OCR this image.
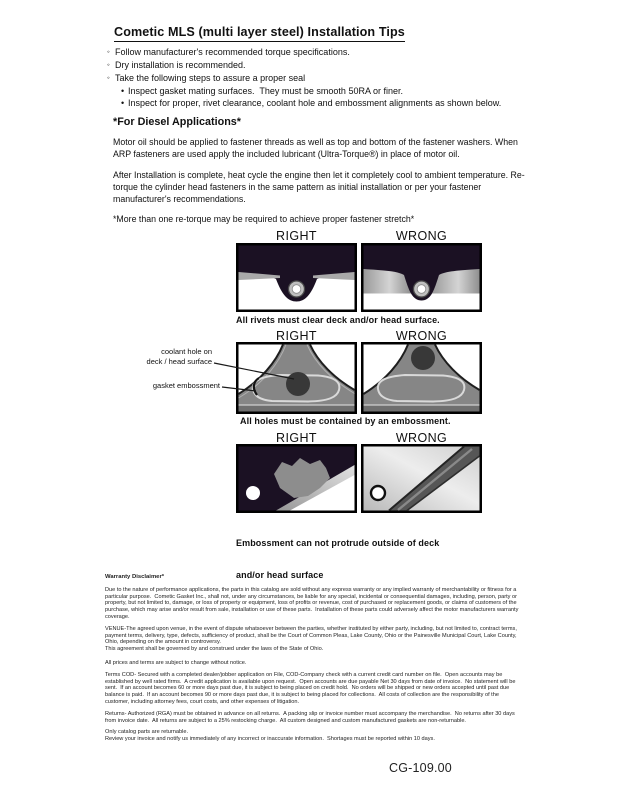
Cometic MLS (multi layer steel) Installation Tips
◦ Follow manufacturer's recommended torque specifications.
◦ Dry installation is recommended.
◦ Take the following steps to assure a proper seal
• Inspect gasket mating surfaces.  They must be smooth 50RA or finer.
• Inspect for proper, rivet clearance, coolant hole and embossment alignments as shown below.
*For Diesel Applications*

Motor oil should be applied to fastener threads as well as top and bottom of the fastener washers. When ARP fasteners are used apply the included lubricant (Ultra-Torque®) in place of motor oil.

After Installation is complete, heat cycle the engine then let it completely cool to ambient temperature. Re-torque the cylinder head fasteners in the same pattern as initial installation or per your fastener manufacturer's recommendations.

*More than one re-torque may be required to achieve proper fastener stretch*

RIGHT	WRONG
All rivets must clear deck and/or head surface.
RIGHT	WRONG
coolant hole on
deck / head surface
gasket embossment
All holes must be contained by an embossment.
RIGHT	WRONG

Embossment can not protrude outside of deck

and/or head surface

Warranty Disclaimer*

Due to the nature of performance applications, the parts in this catalog are sold without any express warranty or any implied warranty of merchantability or fitness for a particular purpose.  Cometic Gasket Inc., shall not, under any circumstances, be liable for any special, incidental or consequential damages, including, person, party or property, but not limited to, damage, or loss of property or equipment, loss of profits or revenue, cost of purchased or replacement goods, or claims of customers of the purchase, which may arise and/or result from sale, installation or use of these parts.  Installation of these parts could adversely affect the motor manufacturers warranty coverage.

VENUE-The agreed upon venue, in the event of dispute whatsoever between the parties, whether instituted by either party, including, but not limited to, contract terms, payment terms, delivery, type, defects, sufficiency of product, shall be the Court of Common Pleas, Lake County, Ohio or the Painesville Municipal Court, Lake County, Ohio, depending on the amount in controversy.
This agreement shall be governed by and construed under the laws of the State of Ohio.

All prices and terms are subject to change without notice.

Terms COD- Secured with a completed dealer/jobber application on File, COD-Company check with a current credit card number on file.  Open accounts may be established by well rated firms.  A credit application is available upon request.  Open accounts are due payable Net 30 days from date of invoice.  No statement will be sent.  If an account becomes 60 or more days past due, it is subject to being placed on credit hold.  No orders will be shipped or new orders accepted until past due balance is paid.  If an account becomes 90 or more days past due, it is subject to being placed for collections.  All costs of collection are the responsibility of the customer, including attorney fees, court costs, and other expenses of litigation.

Returns- Authorized (RGA) must be obtained in advance on all returns.  A packing slip or invoice number must accompany the merchandise.  No returns after 30 days from invoice date.  All returns are subject to a 25% restocking charge.  All custom designed and custom manufactured gaskets are non-returnable.

Only catalog parts are returnable.
Review your invoice and notify us immediately of any incorrect or inaccurate information.  Shortages must be reported within 10 days.
CG-109.00
